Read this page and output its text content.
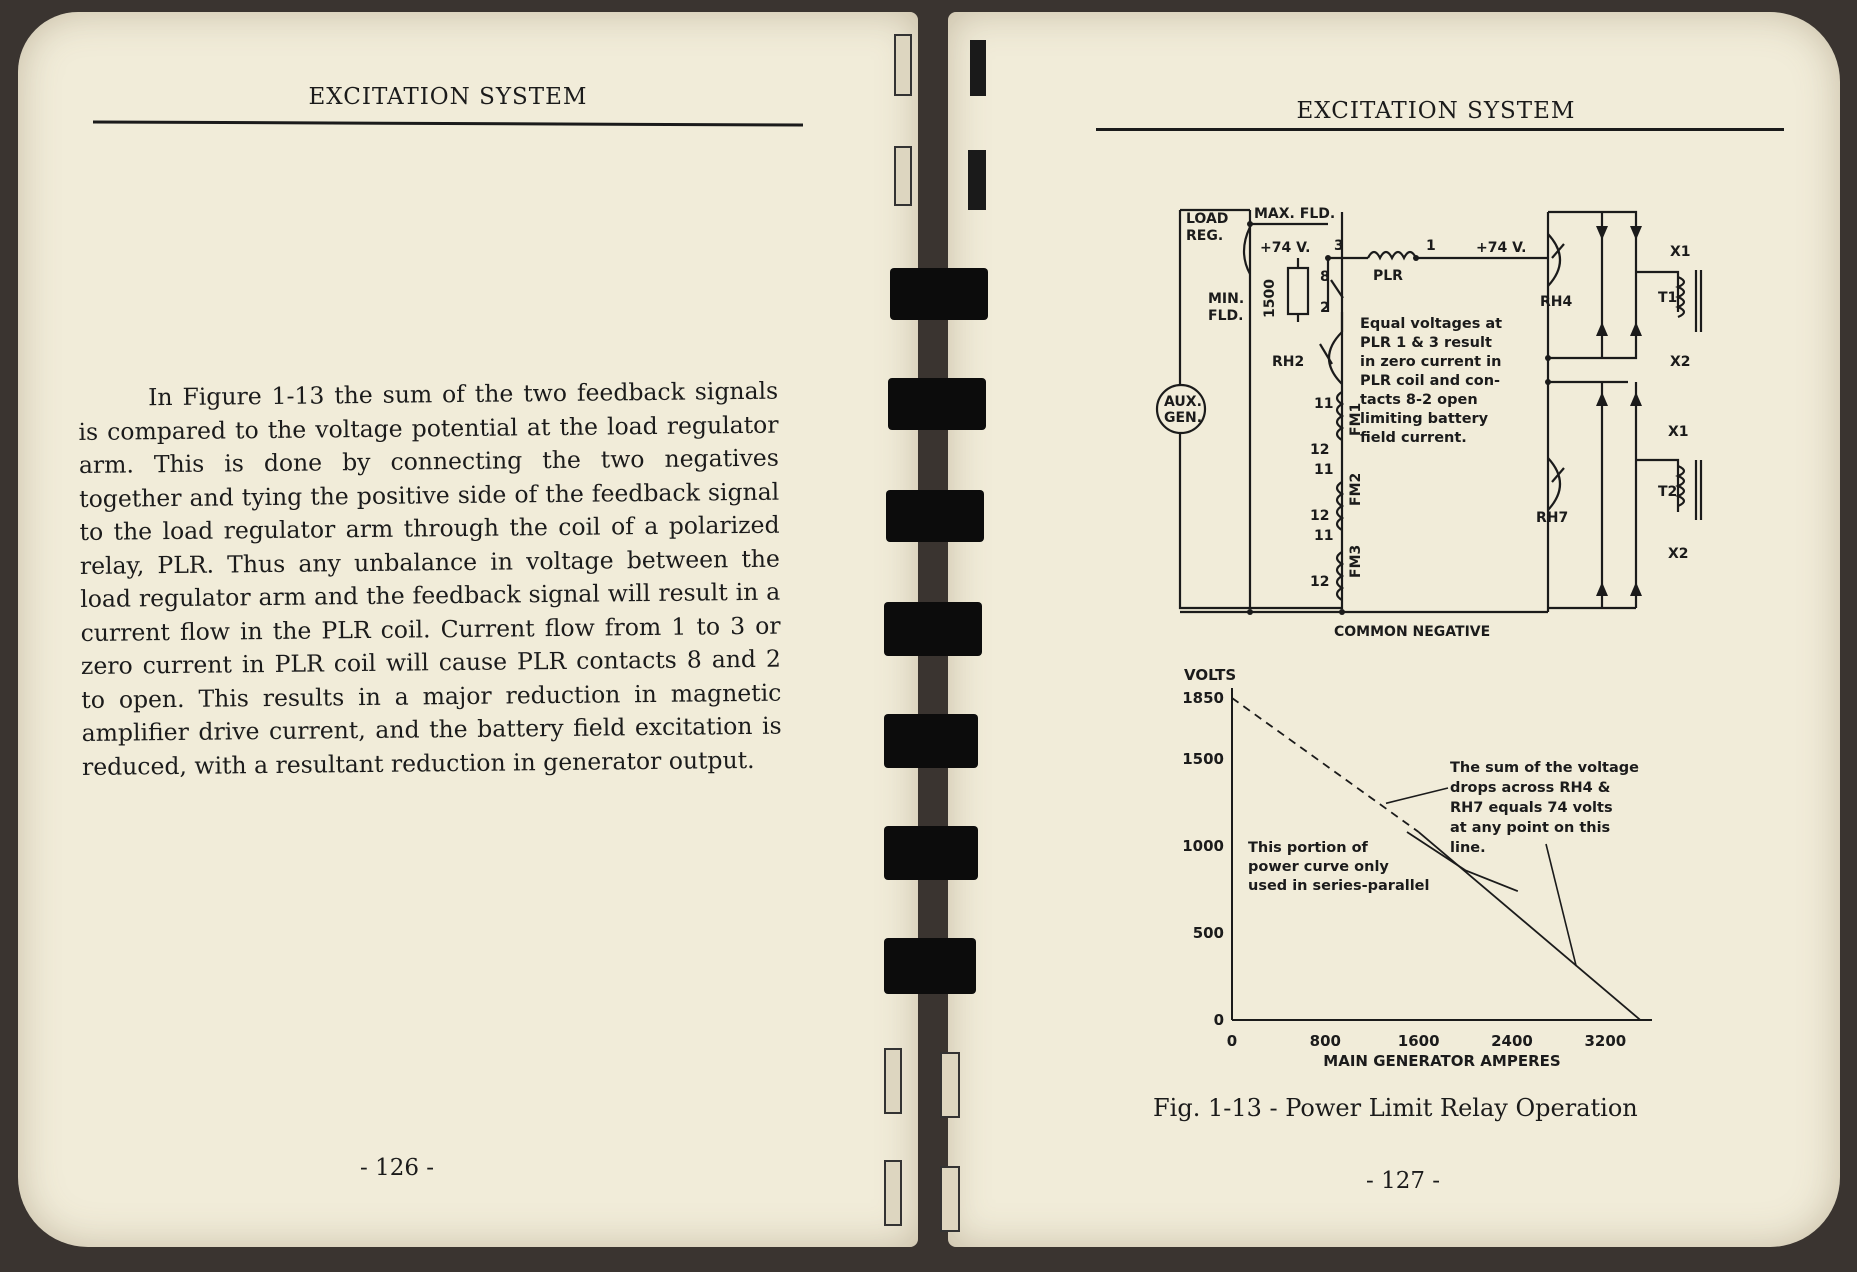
EXCITATION SYSTEM

In Figure 1-13 the sum of the two feedback signals is compared to the voltage potential at the load regulator arm. This is done by connecting the two negatives together and tying the positive side of the feedback signal to the load regulator arm through the coil of a polarized relay, PLR. Thus any unbalance in voltage between the load regulator arm and the feedback signal will result in a current flow in the PLR coil. Current flow from 1 to 3 or zero current in PLR coil will cause PLR contacts 8 and 2 to open. This results in a major reduction in magnetic amplifier drive current, and the battery field excitation is reduced, with a resultant reduction in generator output.

- 126 -
EXCITATION SYSTEM
LOAD
REG.
MAX. FLD.
MIN.
FLD.
+74 V.	+74 V.
3	1
8
2
PLR
1500
AUX.
GEN.
RH2
RH4
RH7
FM1
FM2
FM3
11
12
11
12
11
12
X1
X2
T1
X1
X2
T2
COMMON NEGATIVE
Equal voltages at
PLR 1 & 3 result
in zero current in
PLR coil and con-
tacts 8-2 open
limiting battery
field current.
0
500
1000
1500
1850
0	800	1600	2400	3200
VOLTS
MAIN GENERATOR AMPERES
The sum of the voltage
drops across RH4 &
RH7 equals 74 volts
at any point on this
line.
This portion of
power curve only
used in series-parallel
Fig. 1-13 - Power Limit Relay Operation
- 127 -
